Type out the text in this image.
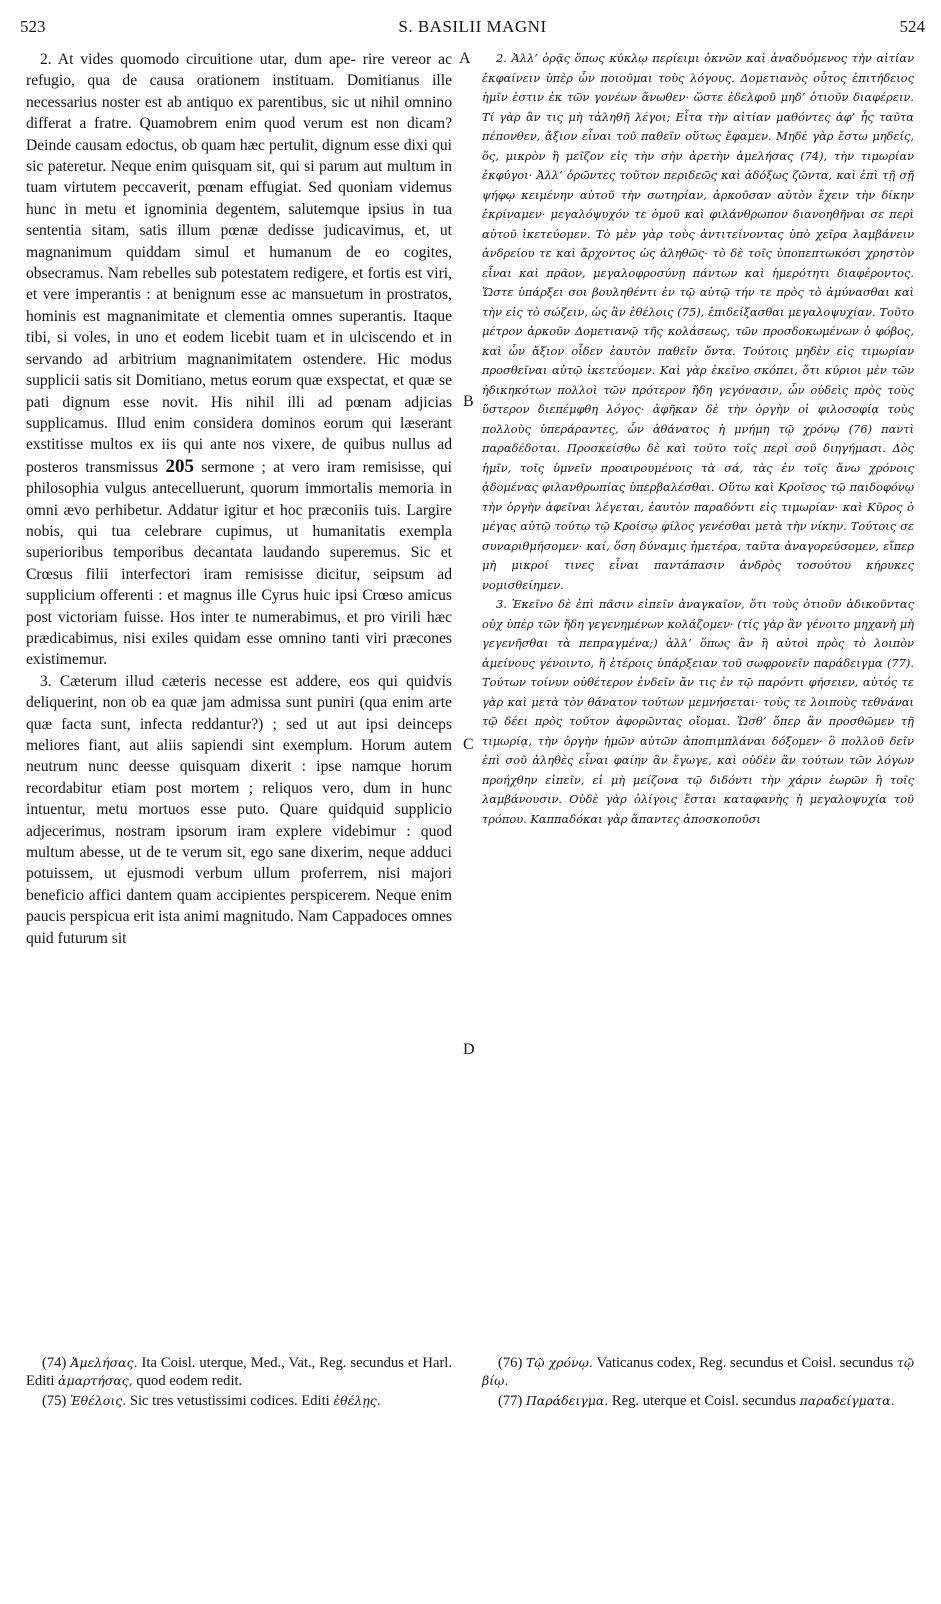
523	S. BASILII MAGNI	524

2. At vides quomodo circuitione utar, dum ape- rire vereor ac refugio, qua de causa orationem instituam. Domitianus ille necessarius noster est ab antiquo ex parentibus, sic ut nihil omnino differat a fratre. Quamobrem enim quod verum est non dicam? Deinde causam edoctus, ob quam hæc pertulit, dignum esse dixi qui sic pateretur. Neque enim quisquam sit, qui si parum aut multum in tuam virtutem peccaverit, pœnam effugiat. Sed quoniam videmus hunc in metu et ignominia degentem, salutemque ipsius in tua sententia sitam, satis illum pœnæ dedisse judicavimus, et, ut magnanimum quiddam simul et humanum de eo cogites, obsecramus. Nam rebelles sub potestatem redigere, et fortis est viri, et vere imperantis : at benignum esse ac mansuetum in prostratos, hominis est magnanimitate et clementia omnes superantis. Itaque tibi, si voles, in uno et eodem licebit tuam et in ulciscendo et in servando ad arbitrium magnanimitatem ostendere. Hic modus supplicii satis sit Domitiano, metus eorum quæ exspectat, et quæ se pati dignum esse novit. His nihil illi ad pœnam adjicias supplicamus. Illud enim considera dominos eorum qui læserant exstitisse multos ex iis qui ante nos vixere, de quibus nullus ad posteros transmissus 205 sermone ; at vero iram remisisse, qui philosophia vulgus antecelluerunt, quorum immortalis memoria in omni ævo perhibetur. Addatur igitur et hoc præconiis tuis. Largire nobis, qui tua celebrare cupimus, ut humanitatis exempla superioribus temporibus decantata laudando superemus. Sic et Crœsus filii interfectori iram remisisse dicitur, seipsum ad supplicium offerenti : et magnus ille Cyrus huic ipsi Crœso amicus post victoriam fuisse. Hos inter te numerabimus, et pro virili hæc prædicabimus, nisi exiles quidam esse omnino tanti viri præcones existimemur.

3. Cæterum illud cæteris necesse est addere, eos qui quidvis deliquerint, non ob ea quæ jam admissa sunt puniri (qua enim arte quæ facta sunt, infecta reddantur?) ; sed ut aut ipsi deinceps meliores fiant, aut aliis sapiendi sint exemplum. Horum autem neutrum nunc deesse quisquam dixerit : ipse namque horum recordabitur etiam post mortem ; reliquos vero, dum in hunc intuentur, metu mortuos esse puto. Quare quidquid supplicio adjecerimus, nostram ipsorum iram explere videbimur : quod multum abesse, ut de te verum sit, ego sane dixerim, neque adduci potuissem, ut ejusmodi verbum ullum proferrem, nisi majori beneficio affici dantem quam accipientes perspicerem. Neque enim paucis perspicua erit ista animi magnitudo. Nam Cappadoces omnes quid futurum sit

2. Ἀλλ’ ὁρᾷς ὅπως κύκλῳ περίειμι ὀκνῶν καὶ ἀναδυόμενος τὴν αἰτίαν ἐκφαίνειν ὑπὲρ ὧν ποιοῦμαι τοὺς λόγους. Δομετιανὸς οὗτος ἐπιτήδειος ἡμῖν ἐστιν ἐκ τῶν γονέων ἄνωθεν· ὥστε ἐδελφοῦ μηδ’ ὁτιοῦν διαφέρειν. Τί γὰρ ἂν τις μὴ τἀληθῆ λέγοι; Εἶτα τὴν αἰτίαν μαθόντες ἀφ’ ἧς ταῦτα πέπονθεν, ἄξιον εἶναι τοῦ παθεῖν οὕτως ἔφαμεν. Μηδὲ γὰρ ἔστω μηδείς, ὅς, μικρὸν ἢ μεῖζον εἰς τὴν σὴν ἀρετὴν ἀμελήσας (74), τὴν τιμωρίαν ἐκφύγοι· Ἀλλ’ ὁρῶντες τοῦτον περιδεῶς καὶ ἀδόξως ζῶντα, καὶ ἐπὶ τῇ σῇ ψήφῳ κειμένην αὐτοῦ τὴν σωτηρίαν, ἀρκοῦσαν αὐτὸν ἔχειν τὴν δίκην ἐκρίναμεν· μεγαλόψυχόν τε ὁμοῦ καὶ φιλάνθρωπον διανοηθῆναι σε περὶ αὐτοῦ ἱκετεύομεν. Τὸ μὲν γὰρ τοὺς ἀντιτείνοντας ὑπὸ χεῖρα λαμβάνειν ἀνδρείου τε καὶ ἄρχοντος ὡς ἀληθῶς· τὸ δὲ τοῖς ὑποπεπτωκόσι χρηστὸν εἶναι καὶ πρᾶον, μεγαλοφροσύνῃ πάντων καὶ ἡμερότητι διαφέροντος. Ὥστε ὑπάρξει σοι βουληθέντι ἐν τῷ αὐτῷ τήν τε πρὸς τὸ ἀμύνασθαι καὶ τὴν εἰς τὸ σώζειν, ὡς ἂν ἐθέλοις (75), ἐπιδείξασθαι μεγαλοψυχίαν. Τοῦτο μέτρον ἀρκοῦν Δομετιανῷ τῆς κολάσεως, τῶν προσδοκωμένων ὁ φόβος, καὶ ὧν ἄξιον οἶδεν ἑαυτὸν παθεῖν ὄντα. Τούτοις μηδὲν εἰς τιμωρίαν προσθεῖναι αὐτῷ ἱκετεύομεν. Καὶ γὰρ ἐκεῖνο σκόπει, ὅτι κύριοι μὲν τῶν ἠδικηκότων πολλοὶ τῶν πρότερον ἤδη γεγόνασιν, ὧν οὐδεὶς πρὸς τοὺς ὕστερον διεπέμφθη λόγος· ἀφῆκαν δὲ τὴν ὀργὴν οἱ φιλοσοφίᾳ τοὺς πολλοὺς ὑπεράραντες, ὧν ἀθάνατος ἡ μνήμη τῷ χρόνῳ (76) παντὶ παραδέδοται. Προσκείσθω δὲ καὶ τοῦτο τοῖς περὶ σοῦ διηγήμασι. Δὸς ἡμῖν, τοῖς ὑμνεῖν προαιρουμένοις τὰ σά, τὰς ἐν τοῖς ἄνω χρόνοις ᾀδομένας φιλανθρωπίας ὑπερβαλέσθαι. Οὕτω καὶ Κροῖσος τῷ παιδοφόνῳ τὴν ὀργὴν ἀφεῖναι λέγεται, ἑαυτὸν παραδόντι εἰς τιμωρίαν· καὶ Κῦρος ὁ μέγας αὐτῷ τούτῳ τῷ Κροίσῳ φίλος γενέσθαι μετὰ τὴν νίκην. Τούτοις σε συναριθμήσομεν· καί, ὅση δύναμις ἡμετέρα, ταῦτα ἀναγορεύσομεν, εἴπερ μὴ μικροί τινες εἶναι παντάπασιν ἀνδρὸς τοσούτου κήρυκες νομισθείημεν.

3. Ἐκεῖνο δὲ ἐπὶ πᾶσιν εἰπεῖν ἀναγκαῖον, ὅτι τοὺς ὁτιοῦν ἀδικοῦντας οὐχ ὑπὲρ τῶν ἤδη γεγενημένων κολάζομεν· (τίς γὰρ ἂν γένοιτο μηχανὴ μὴ γεγενῆσθαι τὰ πεπραγμένα;) ἀλλ’ ὅπως ἂν ἢ αὐτοὶ πρὸς τὸ λοιπὸν ἀμείνους γένοιντο, ἢ ἑτέροις ὑπάρξειαν τοῦ σωφρονεῖν παράδειγμα (77). Τούτων τοίνυν οὐθέτερον ἐνδεῖν ἄν τις ἐν τῷ παρόντι φήσειεν, αὐτός τε γὰρ καὶ μετὰ τὸν θάνατον τούτων μεμνήσεται· τοὺς τε λοιποὺς τεθνάναι τῷ δέει πρὸς τοῦτον ἀφορῶντας οἴομαι. Ὥσθ’ ὅπερ ἂν προσθῶμεν τῇ τιμωρίᾳ, τὴν ὀργὴν ἡμῶν αὐτῶν ἀποπιμπλάναι δόξομεν· ὃ πολλοῦ δεῖν ἐπὶ σοῦ ἀληθὲς εἶναι φαίην ἂν ἔγωγε, καὶ οὐδὲν ἂν τούτων τῶν λόγων προήχθην εἰπεῖν, εἰ μὴ μείζονα τῷ διδόντι τὴν χάριν ἑωρῶν ἢ τοῖς λαμβάνουσιν. Οὐδὲ γὰρ ὀλίγοις ἔσται καταφανὴς ἡ μεγαλοψυχία τοῦ τρόπου. Καππαδόκαι γὰρ ἅπαντες ἀποσκοποῦσι

A
B
C
D

(74) Ἀμελήσας. Ita Coisl. uterque, Med., Vat., Reg. secundus et Harl. Editi ἁμαρτήσας, quod eodem redit.

(75) Ἐθέλοις. Sic tres vetustissimi codices. Editi ἐθέλῃς.

(76) Τῷ χρόνῳ. Vaticanus codex, Reg. secundus et Coisl. secundus τῷ βίῳ.

(77) Παράδειγμα. Reg. uterque et Coisl. secundus παραδείγματα.
